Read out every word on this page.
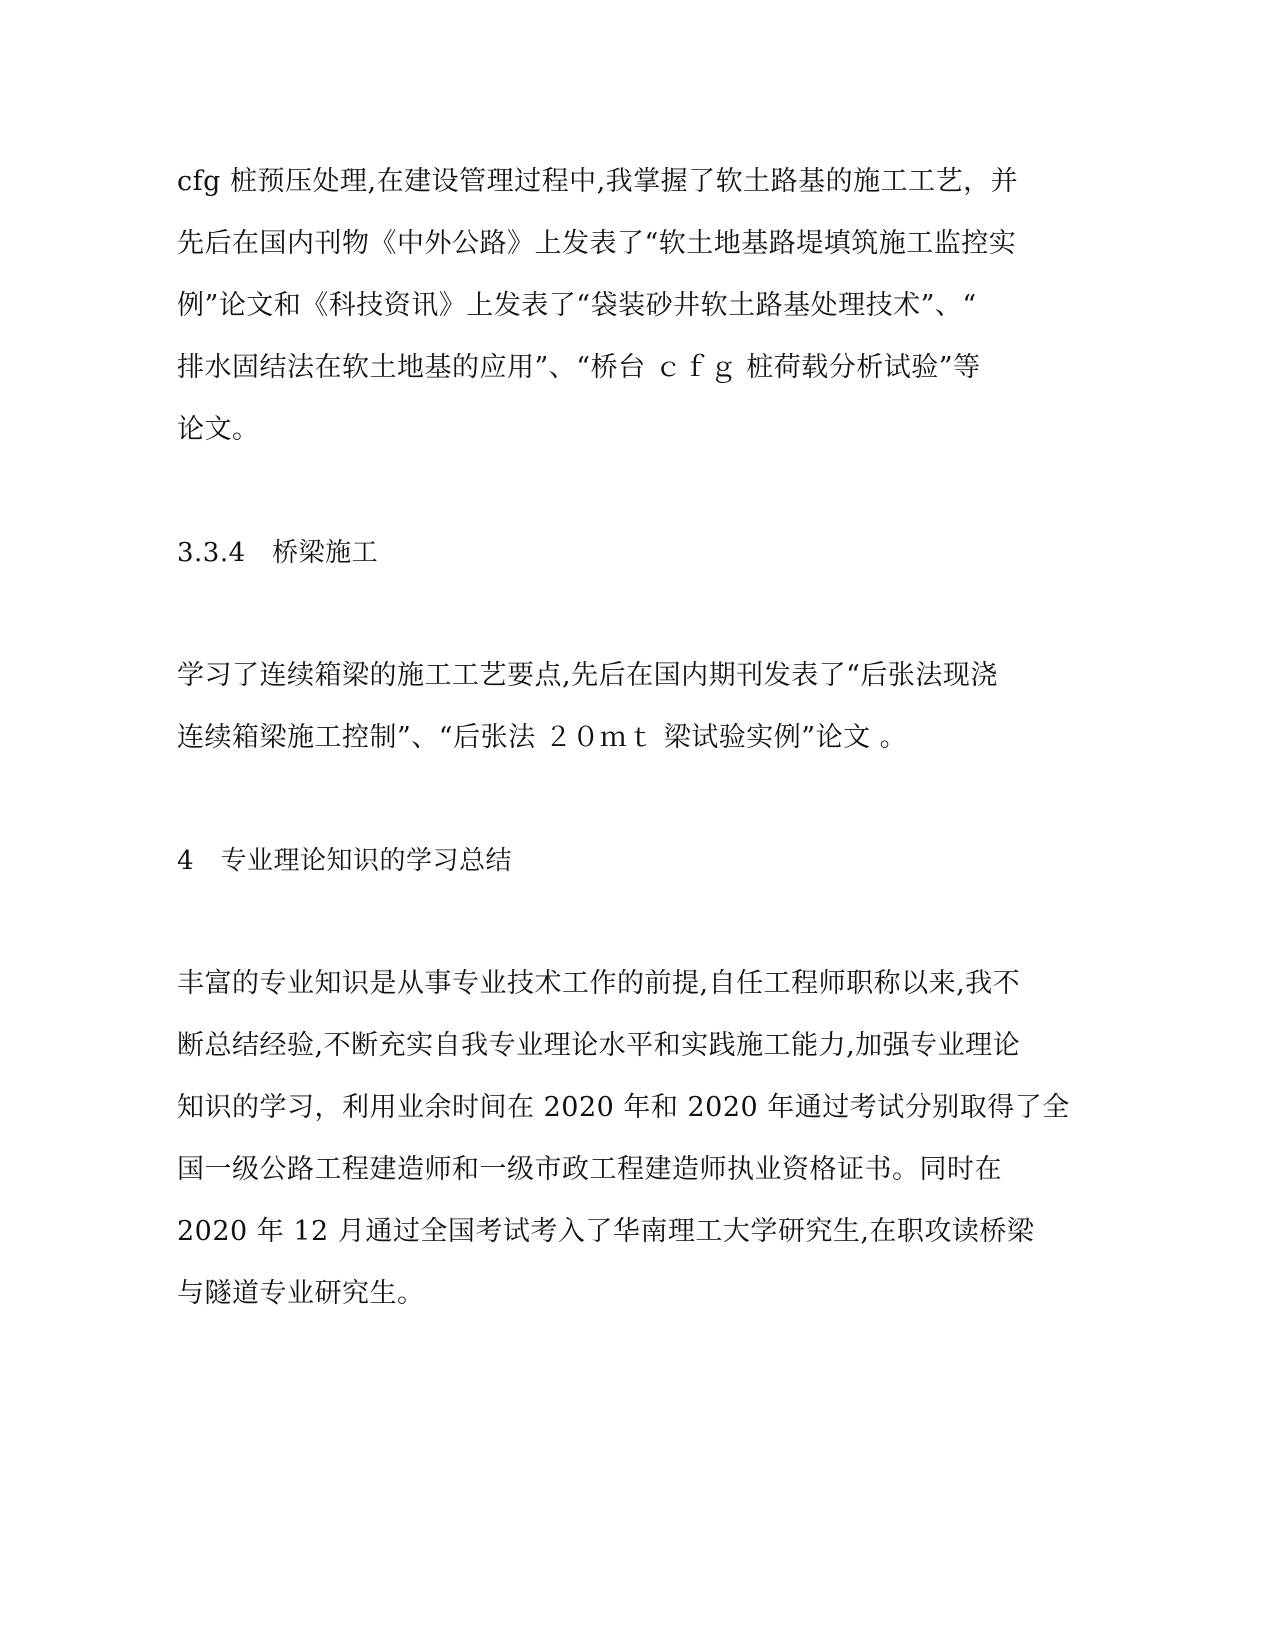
cfg 桩预压处理,在建设管理过程中,我掌握了软土路基的施工工艺，并
先后在国内刊物《中外公路》上发表了“软土地基路堤填筑施工监控实
例”论文和《科技资讯》上发表了“袋装砂井软土路基处理技术”、“
排水固结法在软土地基的应用”、“桥台 ｃｆｇ 桩荷载分析试验”等
论文。
3.3.4　桥梁施工
学习了连续箱梁的施工工艺要点,先后在国内期刊发表了“后张法现浇
连续箱梁施工控制”、“后张法 ２０ｍｔ 梁试验实例”论文 。
4　专业理论知识的学习总结
丰富的专业知识是从事专业技术工作的前提,自任工程师职称以来,我不
断总结经验,不断充实自我专业理论水平和实践施工能力,加强专业理论
知识的学习，利用业余时间在 2020 年和 2020 年通过考试分别取得了全
国一级公路工程建造师和一级市政工程建造师执业资格证书。同时在
2020 年 12 月通过全国考试考入了华南理工大学研究生,在职攻读桥梁
与隧道专业研究生。
